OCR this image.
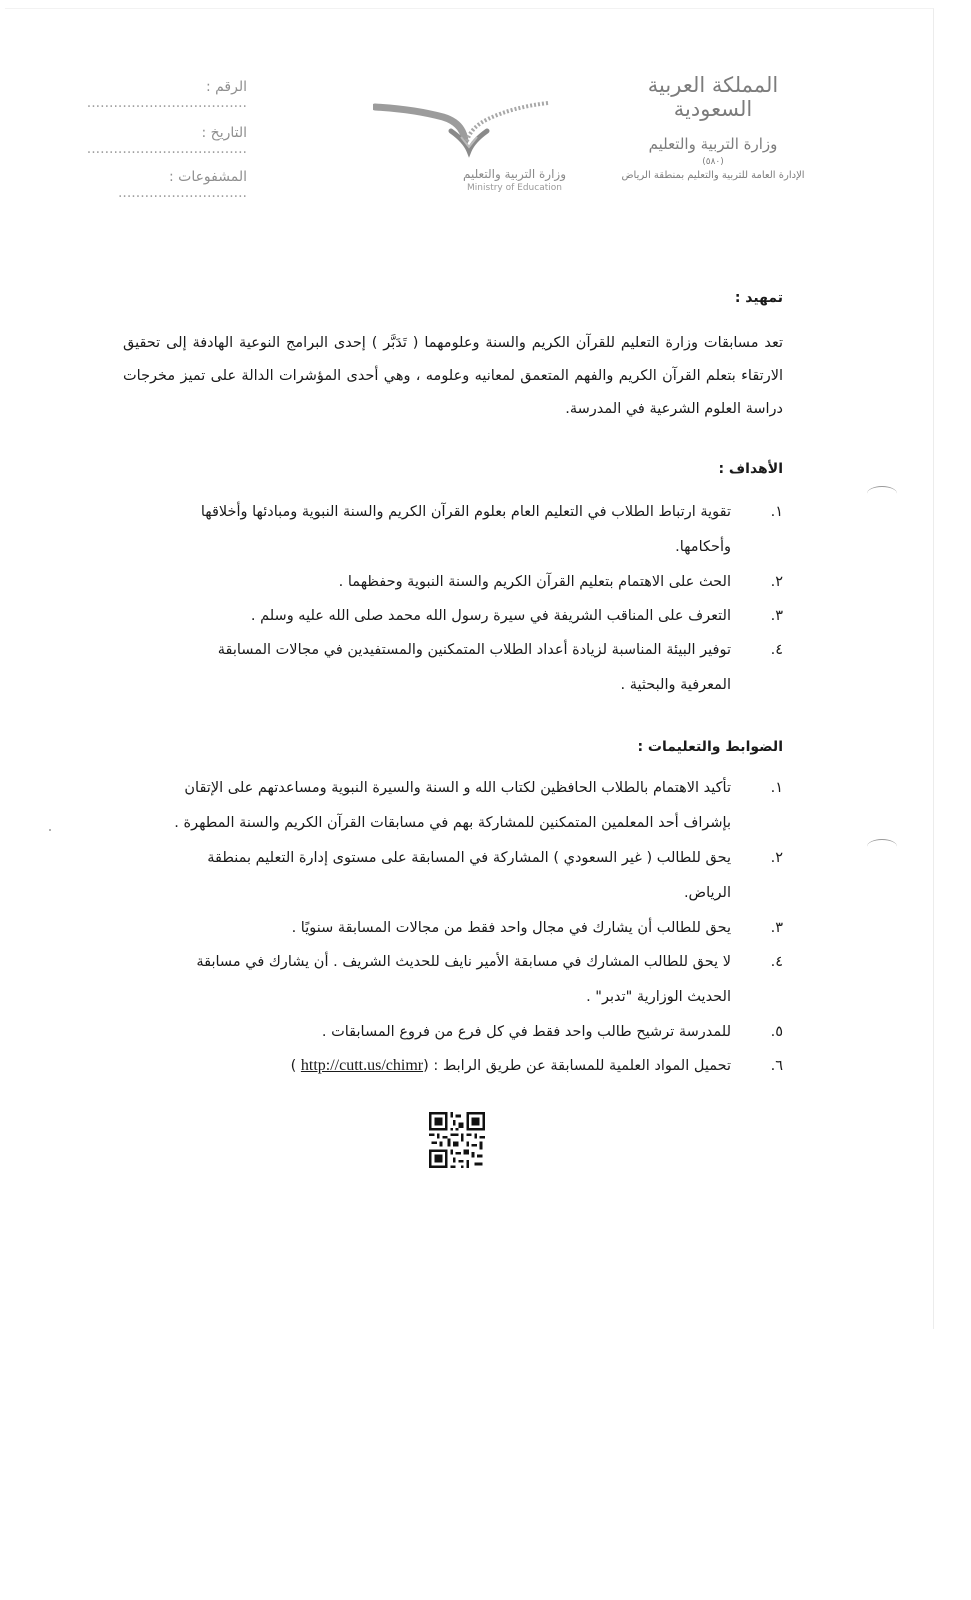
المملكة العربية السعودية
وزارة التربية والتعليم
(٥٨٠)
الإدارة العامة للتربية والتعليم بمنطقة الرياض
وزارة التربية والتعليم
Ministry of Education
الرقم : ....................................
التاريخ : ....................................
المشفوعات : .............................
تمهيد :
تعد مسابقات وزارة التعليم للقرآن الكريم والسنة وعلومهما ( تَدَبَّر ) إحدى البرامج النوعية الهادفة إلى تحقيق الارتقاء بتعلم القرآن الكريم والفهم المتعمق لمعانيه وعلومه ، وهي أحدى المؤشرات الدالة على تميز مخرجات دراسة العلوم الشرعية في المدرسة.
الأهداف :
١.
تقوية ارتباط الطلاب في التعليم العام بعلوم القرآن الكريم والسنة النبوية ومبادئها وأخلاقها وأحكامها.
٢.
الحث على الاهتمام بتعليم القرآن الكريم والسنة النبوية وحفظهما .
٣.
التعرف على المناقب الشريفة في سيرة رسول الله محمد صلى الله عليه وسلم .
٤.
توفير البيئة المناسبة لزيادة أعداد الطلاب المتمكنين والمستفيدين في مجالات المسابقة المعرفية والبحثية .
الضوابط والتعليمات :
١.
تأكيد الاهتمام بالطلاب الحافظين لكتاب الله و السنة والسيرة النبوية ومساعدتهم على الإتقان بإشراف أحد المعلمين المتمكنين للمشاركة بهم في مسابقات القرآن الكريم والسنة المطهرة .
٢.
يحق للطالب ( غير السعودي ) المشاركة في المسابقة على مستوى إدارة التعليم بمنطقة الرياض.
٣.
يحق للطالب أن يشارك في مجال واحد فقط من مجالات المسابقة سنويًا .
٤.
لا يحق للطالب المشارك في مسابقة الأمير نايف للحديث الشريف . أن يشارك في مسابقة الحديث الوزارية "تدبر" .
٥.
للمدرسة ترشيح طالب واحد فقط في كل فرع من فروع المسابقات .
٦.
تحميل المواد العلمية للمسابقة عن طريق الرابط : (http://cutt.us/chimr )
